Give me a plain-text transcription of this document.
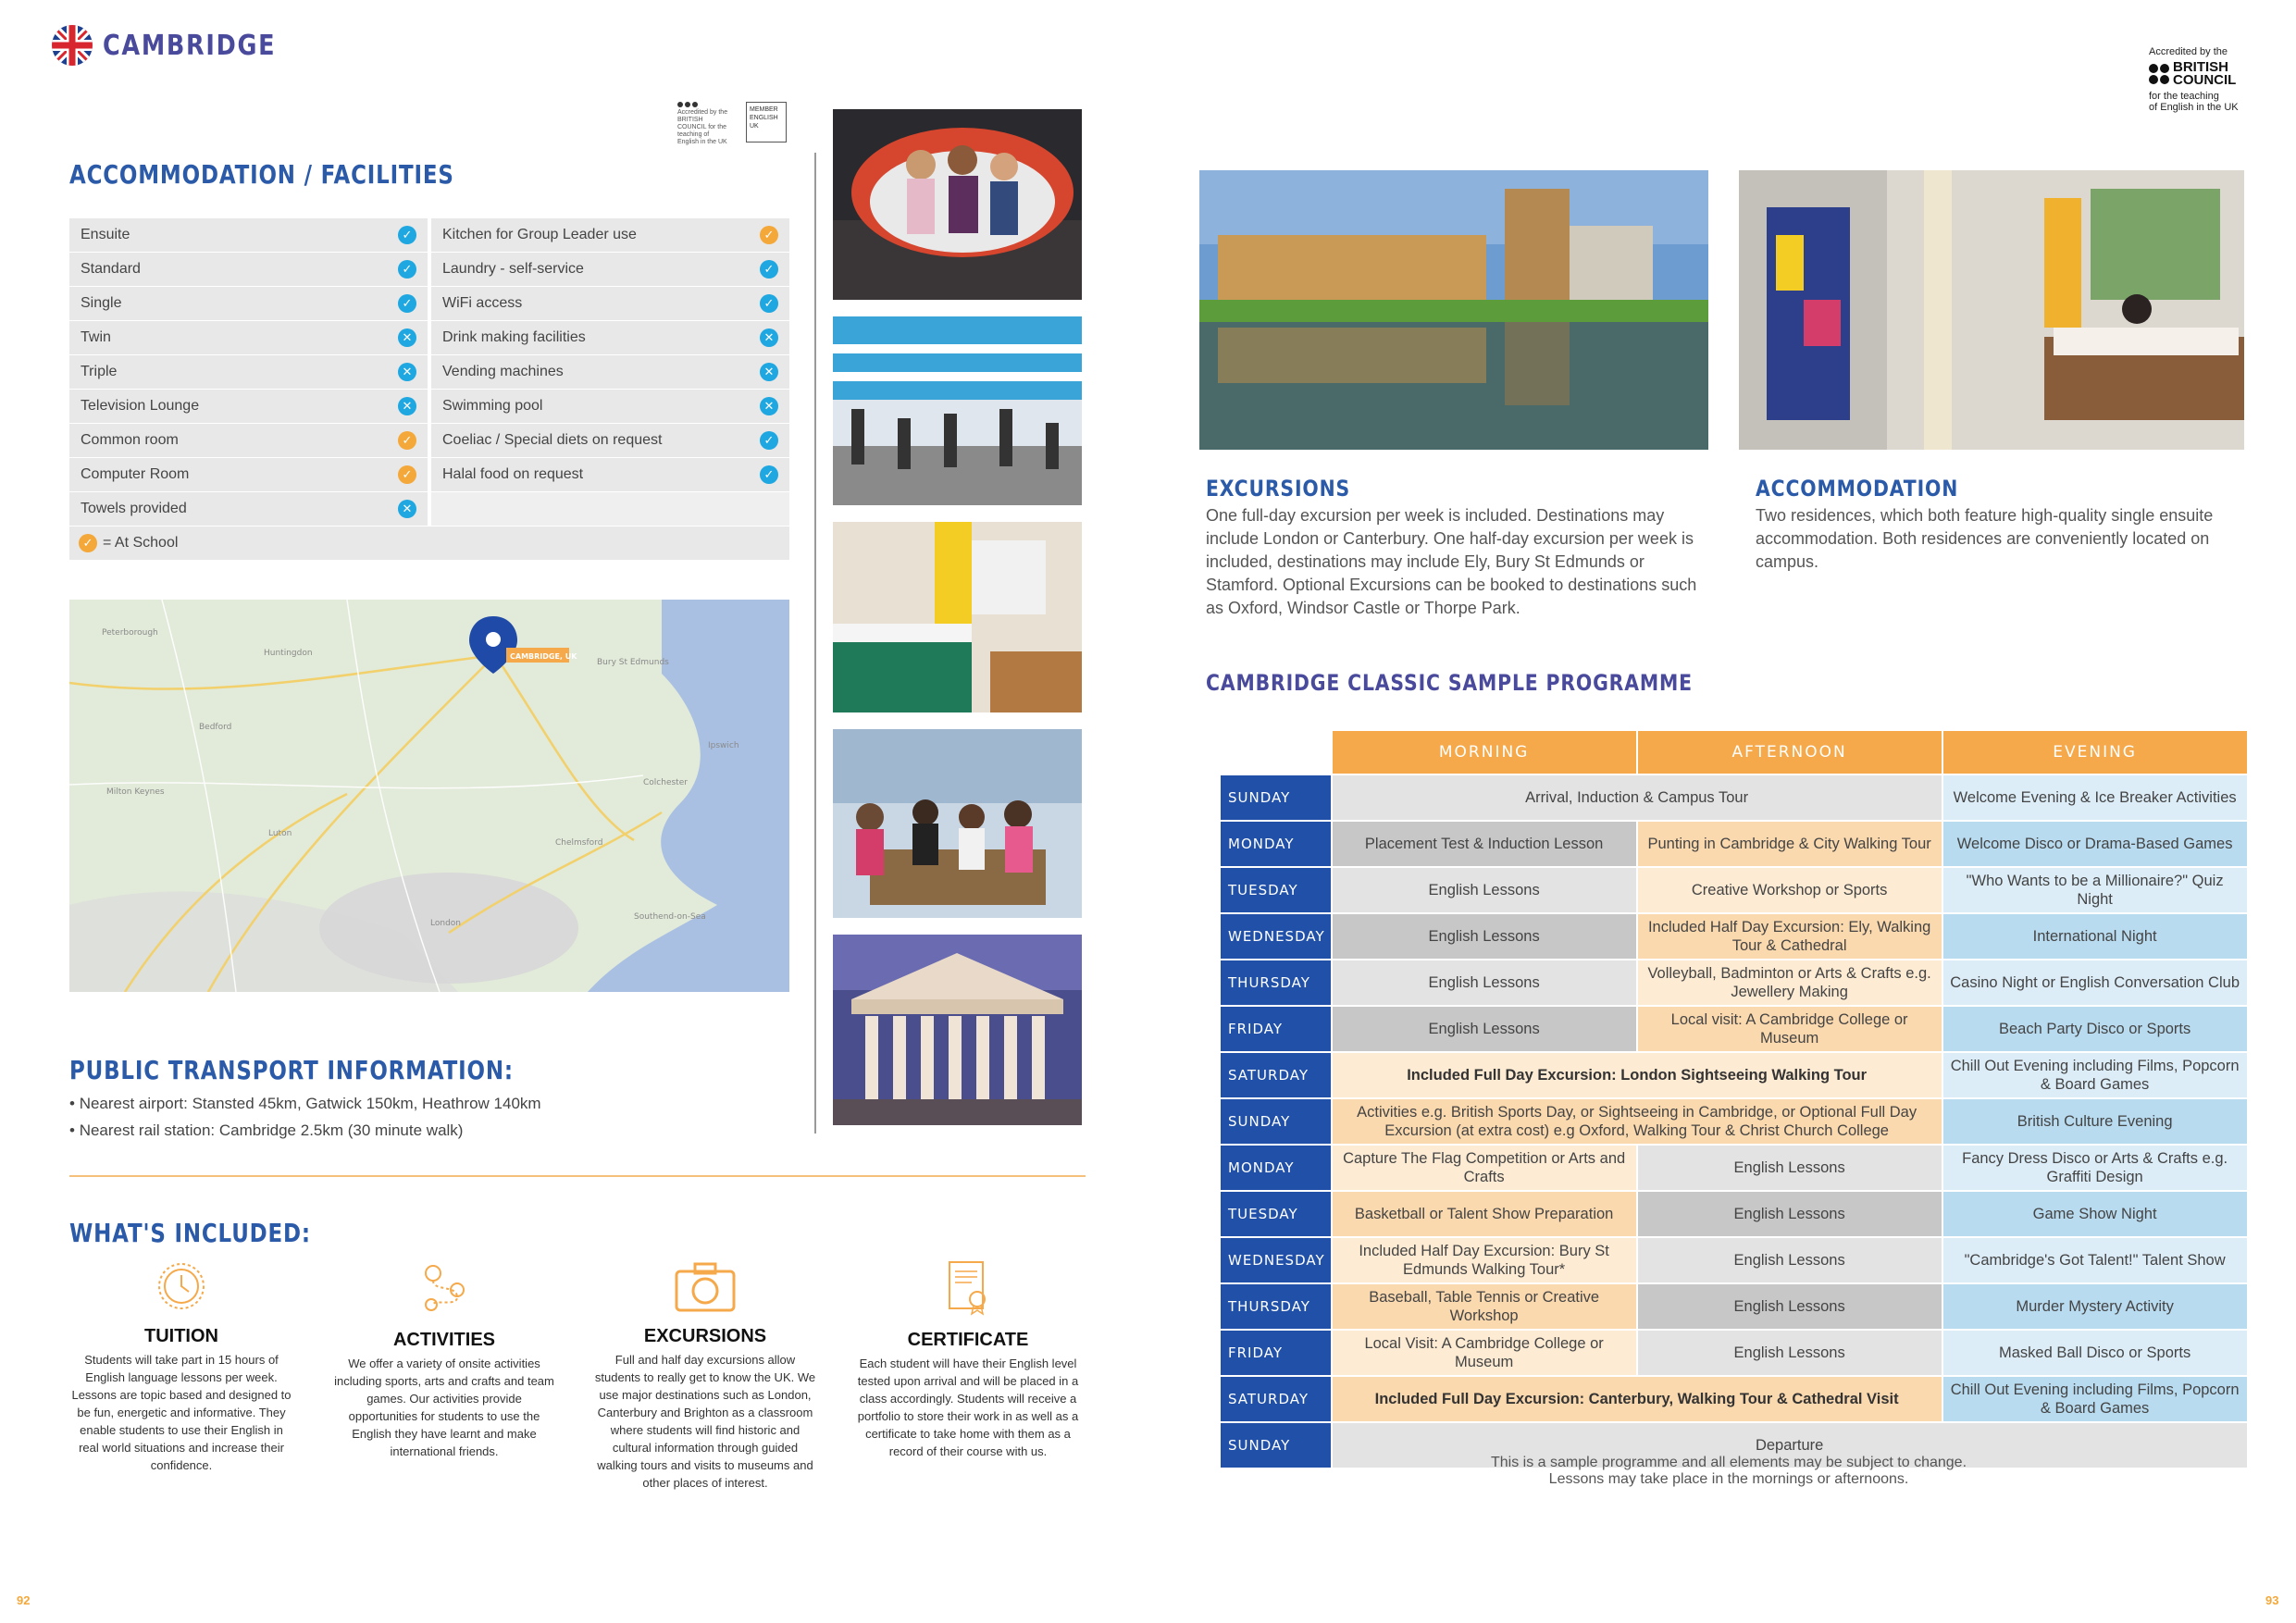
CAMBRIDGE
Accredited by the BRITISH COUNCIL for the teaching of English in the UK
MEMBER ENGLISH UK
ACCOMMODATION / FACILITIES
Ensuite	✓ Kitchen for Group Leader use	✓
Standard	✓ Laundry - self-service	✓
Single	✓ WiFi access	✓
Twin	✕ Drink making facilities	✕
Triple	✕ Vending machines	✕
Television Lounge	✕ Swimming pool	✕
Common room	✓ Coeliac / Special diets on request	✓
Computer Room	✓ Halal food on request	✓
Towels provided	✕
✓ = At School
Peterborough
Huntingdon
Bury St Edmunds
Ipswich
Colchester
Chelmsford
London
Luton
Bedford
Milton Keynes
Southend-on-Sea
CAMBRIDGE, UK
PUBLIC TRANSPORT INFORMATION:
• Nearest airport: Stansted 45km, Gatwick 150km, Heathrow 140km
• Nearest rail station: Cambridge 2.5km (30 minute walk)
WHAT'S INCLUDED:
TUITION
Students will take part in 15 hours of English language lessons per week. Lessons are topic based and designed to be fun, energetic and informative. They enable students to use their English in real world situations and increase their confidence.
ACTIVITIES
We offer a variety of onsite activities including sports, arts and crafts and team games. Our activities provide opportunities for students to use the English they have learnt and make international friends.
EXCURSIONS
Full and half day excursions allow students to really get to know the UK. We use major destinations such as London, Canterbury and Brighton as a classroom where students will find historic and cultural information through guided walking tours and visits to museums and other places of interest.
CERTIFICATE
Each student will have their English level tested upon arrival and will be placed in a class accordingly. Students will receive a portfolio to store their work in as well as a certificate to take home with them as a record of their course with us.
92
Accredited by the
BRITISH
COUNCIL
for the teaching
of English in the UK
EXCURSIONS
One full-day excursion per week is included. Destinations may include London or Canterbury. One half-day excursion per week is included, destinations may include Ely, Bury St Edmunds or Stamford. Optional Excursions can be booked to destinations such as Oxford, Windsor Castle or Thorpe Park.
ACCOMMODATION
Two residences, which both feature high-quality single ensuite accommodation. Both residences are conveniently located on campus.
CAMBRIDGE CLASSIC SAMPLE PROGRAMME
	MORNING	AFTERNOON	EVENING
SUNDAY	Arrival, Induction & Campus Tour		Welcome Evening & Ice Breaker Activities
MONDAY	Placement Test & Induction Lesson	Punting in Cambridge & City Walking Tour	Welcome Disco or Drama-Based Games
TUESDAY	English Lessons	Creative Workshop or Sports	"Who Wants to be a Millionaire?" Quiz Night
WEDNESDAY	English Lessons	Included Half Day Excursion: Ely, Walking Tour & Cathedral	International Night
THURSDAY	English Lessons	Volleyball, Badminton or Arts & Crafts e.g. Jewellery Making	Casino Night or English Conversation Club
FRIDAY	English Lessons	Local visit: A Cambridge College or Museum	Beach Party Disco or Sports
SATURDAY	Included Full Day Excursion: London Sightseeing Walking Tour		Chill Out Evening including Films, Popcorn & Board Games
SUNDAY	Activities e.g. British Sports Day, or Sightseeing in Cambridge, or Optional Full Day Excursion (at extra cost) e.g Oxford, Walking Tour & Christ Church College		British Culture Evening
MONDAY	Capture The Flag Competition or Arts and Crafts	English Lessons	Fancy Dress Disco or Arts & Crafts e.g. Graffiti Design
TUESDAY	Basketball or Talent Show Preparation	English Lessons	Game Show Night
WEDNESDAY	Included Half Day Excursion: Bury St Edmunds Walking Tour*	English Lessons	"Cambridge's Got Talent!" Talent Show
THURSDAY	Baseball, Table Tennis or Creative Workshop	English Lessons	Murder Mystery Activity
FRIDAY	Local Visit: A Cambridge College or Museum	English Lessons	Masked Ball Disco or Sports
SATURDAY	Included Full Day Excursion: Canterbury, Walking Tour & Cathedral Visit		Chill Out Evening including Films, Popcorn & Board Games
SUNDAY	Departure		
This is a sample programme and all elements may be subject to change.
Lessons may take place in the mornings or afternoons.
93
